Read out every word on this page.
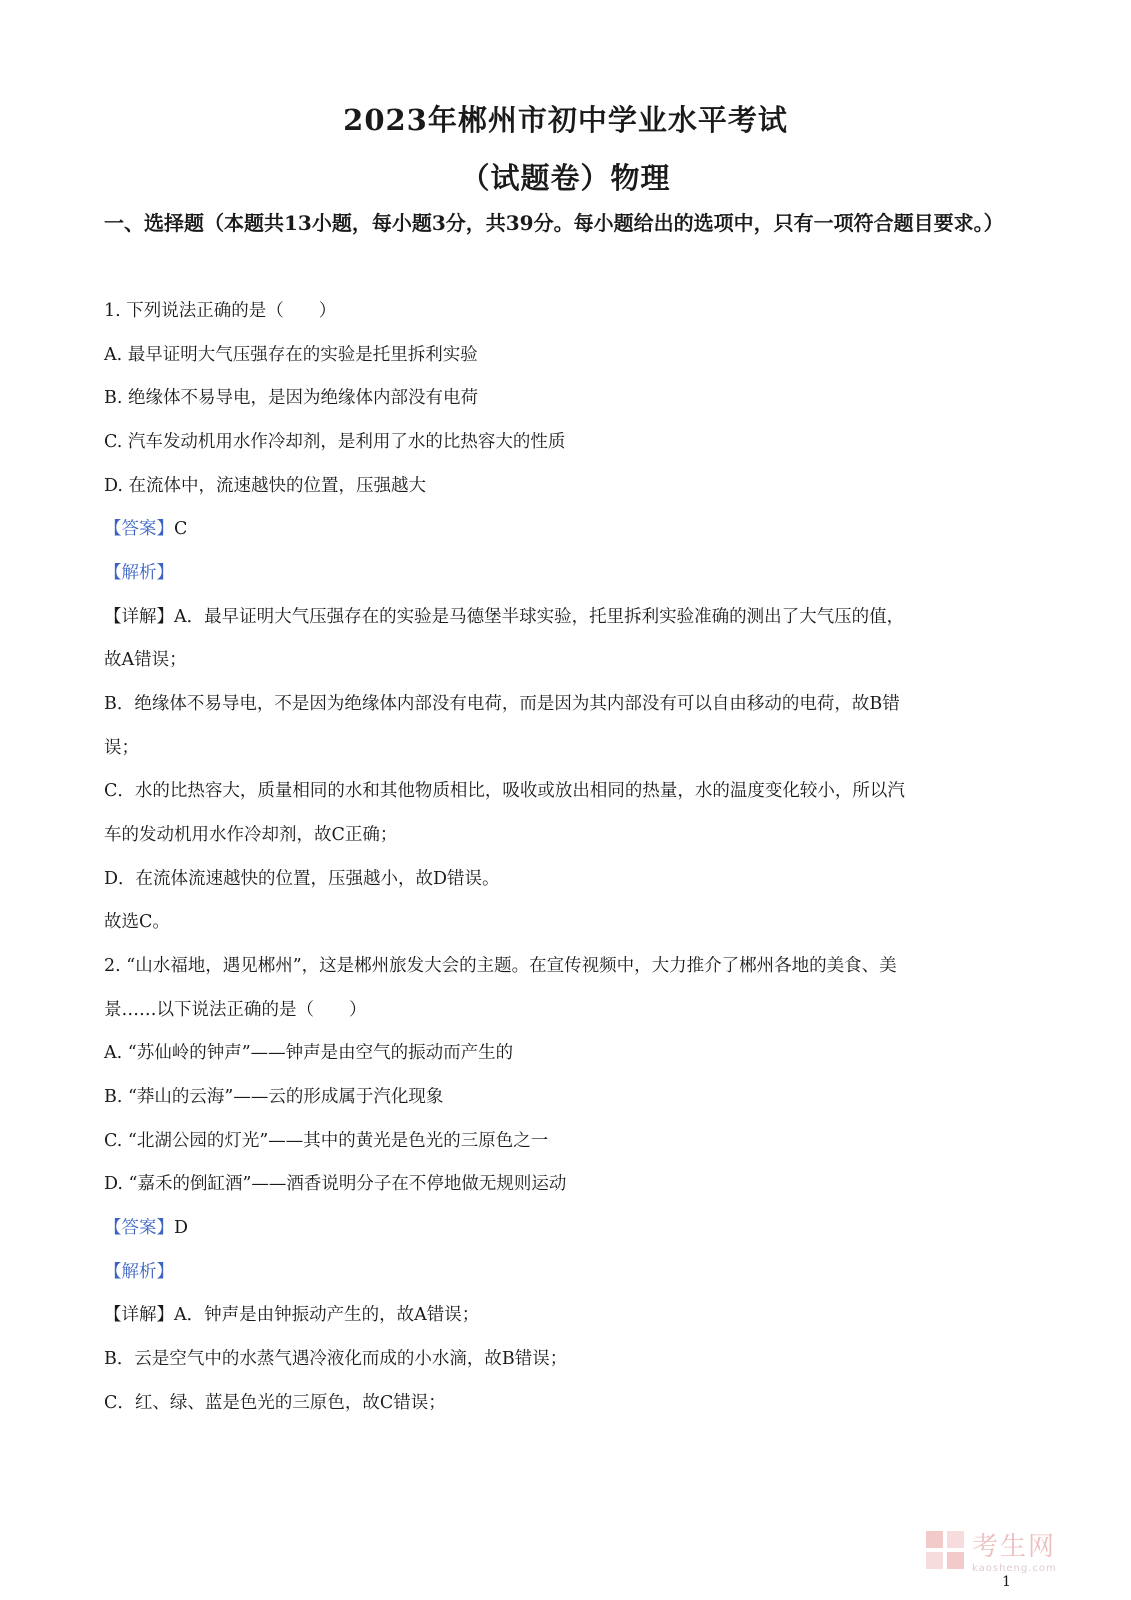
2023年郴州市初中学业水平考试
（试题卷）物理

一、选择题（本题共13小题，每小题3分，共39分。每小题给出的选项中，只有一项符合题目要求。）

1. 下列说法正确的是（　　）

A. 最早证明大气压强存在的实验是托里拆利实验

B. 绝缘体不易导电，是因为绝缘体内部没有电荷

C. 汽车发动机用水作冷却剂，是利用了水的比热容大的性质

D. 在流体中，流速越快的位置，压强越大

【答案】C

【解析】

【详解】A．最早证明大气压强存在的实验是马德堡半球实验，托里拆利实验准确的测出了大气压的值，

故A错误；

B．绝缘体不易导电，不是因为绝缘体内部没有电荷，而是因为其内部没有可以自由移动的电荷，故B错

误；

C．水的比热容大，质量相同的水和其他物质相比，吸收或放出相同的热量，水的温度变化较小，所以汽

车的发动机用水作冷却剂，故C正确；

D．在流体流速越快的位置，压强越小，故D错误。

故选C。

2. “山水福地，遇见郴州”，这是郴州旅发大会的主题。在宣传视频中，大力推介了郴州各地的美食、美

景……以下说法正确的是（　　）

A. “苏仙岭的钟声”——钟声是由空气的振动而产生的

B. “莽山的云海”——云的形成属于汽化现象

C. “北湖公园的灯光”——其中的黄光是色光的三原色之一

D. “嘉禾的倒缸酒”——酒香说明分子在不停地做无规则运动

【答案】D

【解析】

【详解】A．钟声是由钟振动产生的，故A错误；

B．云是空气中的水蒸气遇冷液化而成的小水滴，故B错误；

C．红、绿、蓝是色光的三原色，故C错误；

考生网
kaosheng.com
1
